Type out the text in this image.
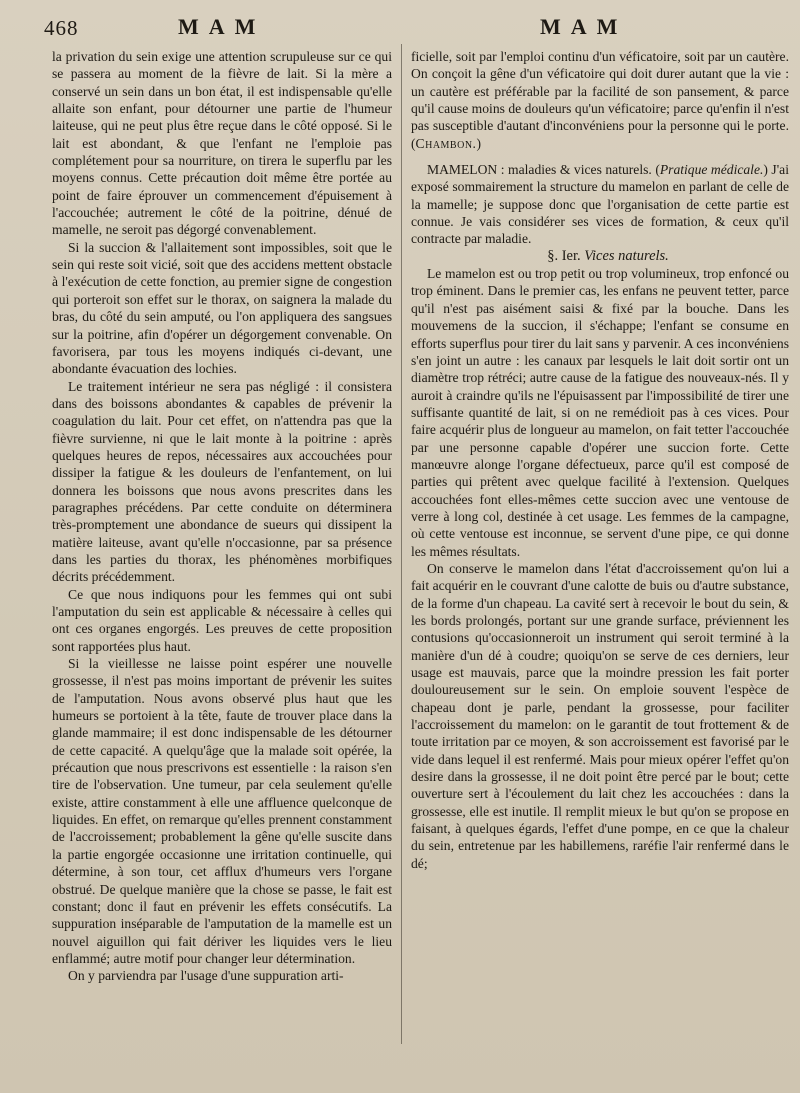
468	MAM	MAM

la privation du sein exige une attention scrupuleuse sur ce qui se passera au moment de la fièvre de lait. Si la mère a conservé un sein dans un bon état, il est indispensable qu'elle allaite son enfant, pour détourner une partie de l'humeur laiteuse, qui ne peut plus être reçue dans le côté opposé. Si le lait est abondant, & que l'enfant ne l'emploie pas complétement pour sa nourriture, on tirera le superflu par les moyens connus. Cette précaution doit même être portée au point de faire éprouver un commencement d'épuisement à l'accouchée; autrement le côté de la poitrine, dénué de mamelle, ne seroit pas dégorgé convenablement.

Si la succion & l'allaitement sont impossibles, soit que le sein qui reste soit vicié, soit que des accidens mettent obstacle à l'exécution de cette fonction, au premier signe de congestion qui porteroit son effet sur le thorax, on saignera la malade du bras, du côté du sein amputé, ou l'on appliquera des sangsues sur la poitrine, afin d'opérer un dégorgement convenable. On favorisera, par tous les moyens indiqués ci-devant, une abondante évacuation des lochies.

Le traitement intérieur ne sera pas négligé : il consistera dans des boissons abondantes & capables de prévenir la coagulation du lait. Pour cet effet, on n'attendra pas que la fièvre survienne, ni que le lait monte à la poitrine : après quelques heures de repos, nécessaires aux accouchées pour dissiper la fatigue & les douleurs de l'enfantement, on lui donnera les boissons que nous avons prescrites dans les paragraphes précédens. Par cette conduite on déterminera très-promptement une abondance de sueurs qui dissipent la matière laiteuse, avant qu'elle n'occasionne, par sa présence dans les parties du thorax, les phénomènes morbifiques décrits précédemment.

Ce que nous indiquons pour les femmes qui ont subi l'amputation du sein est applicable & nécessaire à celles qui ont ces organes engorgés. Les preuves de cette proposition sont rapportées plus haut.

Si la vieillesse ne laisse point espérer une nouvelle grossesse, il n'est pas moins important de prévenir les suites de l'amputation. Nous avons observé plus haut que les humeurs se portoient à la tête, faute de trouver place dans la glande mammaire; il est donc indispensable de les détourner de cette capacité. A quelqu'âge que la malade soit opérée, la précaution que nous prescrivons est essentielle : la raison s'en tire de l'observation. Une tumeur, par cela seulement qu'elle existe, attire constamment à elle une affluence quelconque de liquides. En effet, on remarque qu'elles prennent constamment de l'accroissement; probablement la gêne qu'elle suscite dans la partie engorgée occasionne une irritation continuelle, qui détermine, à son tour, cet afflux d'humeurs vers l'organe obstrué. De quelque manière que la chose se passe, le fait est constant; donc il faut en prévenir les effets consécutifs. La suppuration inséparable de l'amputation de la mamelle est un nouvel aiguillon qui fait dériver les liquides vers le lieu enflammé; autre motif pour changer leur détermination.

On y parviendra par l'usage d'une suppuration arti-

ficielle, soit par l'emploi continu d'un véficatoire, soit par un cautère. On conçoit la gêne d'un véficatoire qui doit durer autant que la vie : un cautère est préférable par la facilité de son pansement, & parce qu'il cause moins de douleurs qu'un véficatoire; parce qu'enfin il n'est pas susceptible d'autant d'inconvéniens pour la personne qui le porte. (Chambon.)

MAMELON : maladies & vices naturels. (Pratique médicale.) J'ai exposé sommairement la structure du mamelon en parlant de celle de la mamelle; je suppose donc que l'organisation de cette partie est connue. Je vais considérer ses vices de formation, & ceux qu'il contracte par maladie.

§. Ier. Vices naturels.

Le mamelon est ou trop petit ou trop volumineux, trop enfoncé ou trop éminent. Dans le premier cas, les enfans ne peuvent tetter, parce qu'il n'est pas aisément saisi & fixé par la bouche. Dans les mouvemens de la succion, il s'échappe; l'enfant se consume en efforts superflus pour tirer du lait sans y parvenir. A ces inconvéniens s'en joint un autre : les canaux par lesquels le lait doit sortir ont un diamètre trop rétréci; autre cause de la fatigue des nouveaux-nés. Il y auroit à craindre qu'ils ne l'épuisassent par l'impossibilité de tirer une suffisante quantité de lait, si on ne remédioit pas à ces vices. Pour faire acquérir plus de longueur au mamelon, on fait tetter l'accouchée par une personne capable d'opérer une succion forte. Cette manœuvre alonge l'organe défectueux, parce qu'il est composé de parties qui prêtent avec quelque facilité à l'extension. Quelques accouchées font elles-mêmes cette succion avec une ventouse de verre à long col, destinée à cet usage. Les femmes de la campagne, où cette ventouse est inconnue, se servent d'une pipe, ce qui donne les mêmes résultats.

On conserve le mamelon dans l'état d'accroissement qu'on lui a fait acquérir en le couvrant d'une calotte de buis ou d'autre substance, de la forme d'un chapeau. La cavité sert à recevoir le bout du sein, & les bords prolongés, portant sur une grande surface, préviennent les contusions qu'occasionneroit un instrument qui seroit terminé à la manière d'un dé à coudre; quoiqu'on se serve de ces derniers, leur usage est mauvais, parce que la moindre pression les fait porter douloureusement sur le sein. On emploie souvent l'espèce de chapeau dont je parle, pendant la grossesse, pour faciliter l'accroissement du mamelon: on le garantit de tout frottement & de toute irritation par ce moyen, & son accroissement est favorisé par le vide dans lequel il est renfermé. Mais pour mieux opérer l'effet qu'on desire dans la grossesse, il ne doit point être percé par le bout; cette ouverture sert à l'écoulement du lait chez les accouchées : dans la grossesse, elle est inutile. Il remplit mieux le but qu'on se propose en faisant, à quelques égards, l'effet d'une pompe, en ce que la chaleur du sein, entretenue par les habillemens, raréfie l'air renfermé dans le dé;
